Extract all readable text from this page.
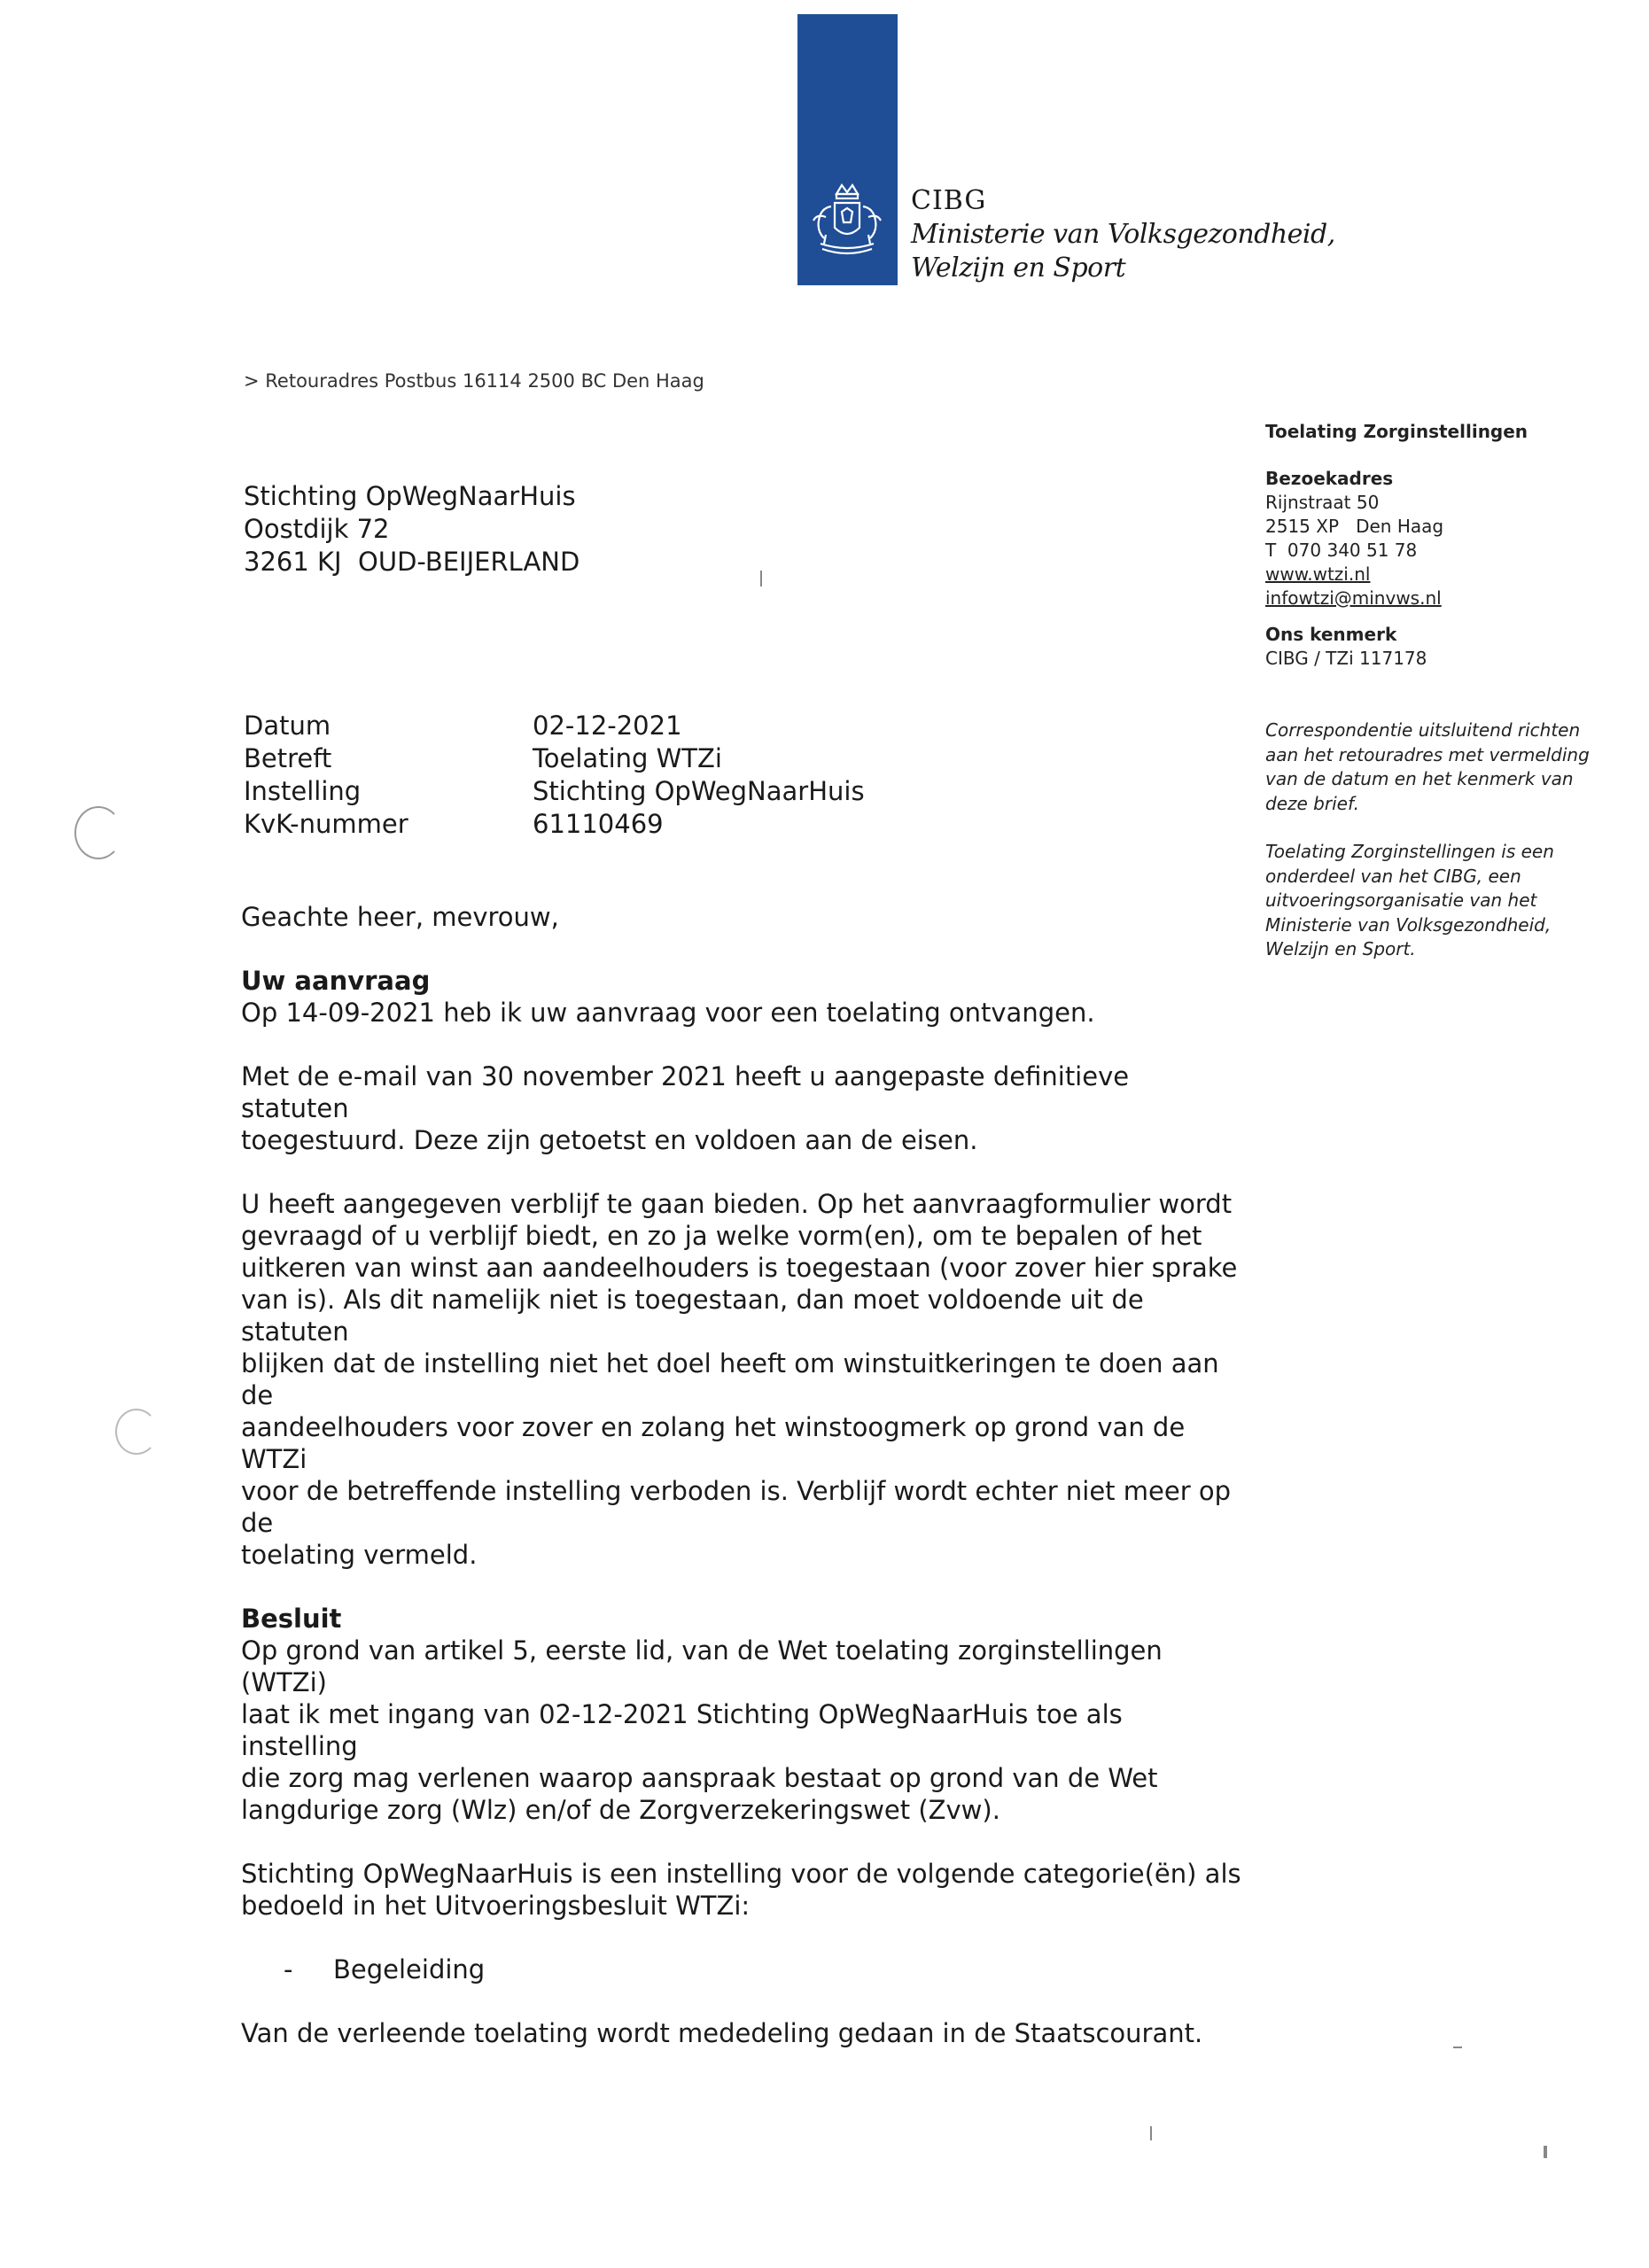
CIBG
Ministerie van Volksgezondheid,
Welzijn en Sport
> Retouradres Postbus 16114 2500 BC Den Haag
Toelating Zorginstellingen
Bezoekadres
Rijnstraat 50
2515 XP   Den Haag
T  070 340 51 78
www.wtzi.nl
infowtzi@minvws.nl
Ons kenmerk
CIBG / TZi 117178
Correspondentie uitsluitend richten aan het retouradres met vermelding van de datum en het kenmerk van deze brief.
Toelating Zorginstellingen is een onderdeel van het CIBG, een uitvoeringsorganisatie van het Ministerie van Volksgezondheid, Welzijn en Sport.
Stichting OpWegNaarHuis
Oostdijk 72
3261 KJ  OUD-BEIJERLAND
Datum	02-12-2021
Betreft	Toelating WTZi
Instelling	Stichting OpWegNaarHuis
KvK-nummer	61110469

Geachte heer, mevrouw,

Uw aanvraag

Op 14-09-2021 heb ik uw aanvraag voor een toelating ontvangen.

Met de e-mail van 30 november 2021 heeft u aangepaste definitieve statuten

toegestuurd. Deze zijn getoetst en voldoen aan de eisen.

U heeft aangegeven verblijf te gaan bieden. Op het aanvraagformulier wordt

gevraagd of u verblijf biedt, en zo ja welke vorm(en), om te bepalen of het

uitkeren van winst aan aandeelhouders is toegestaan (voor zover hier sprake

van is). Als dit namelijk niet is toegestaan, dan moet voldoende uit de statuten

blijken dat de instelling niet het doel heeft om winstuitkeringen te doen aan de

aandeelhouders voor zover en zolang het winstoogmerk op grond van de WTZi

voor de betreffende instelling verboden is. Verblijf wordt echter niet meer op de

toelating vermeld.

Besluit

Op grond van artikel 5, eerste lid, van de Wet toelating zorginstellingen (WTZi)

laat ik met ingang van 02-12-2021 Stichting OpWegNaarHuis toe als instelling

die zorg mag verlenen waarop aanspraak bestaat op grond van de Wet

langdurige zorg (Wlz) en/of de Zorgverzekeringswet (Zvw).

Stichting OpWegNaarHuis is een instelling voor de volgende categorie(ën) als

bedoeld in het Uitvoeringsbesluit WTZi:

-	Begeleiding

Van de verleende toelating wordt mededeling gedaan in de Staatscourant.
